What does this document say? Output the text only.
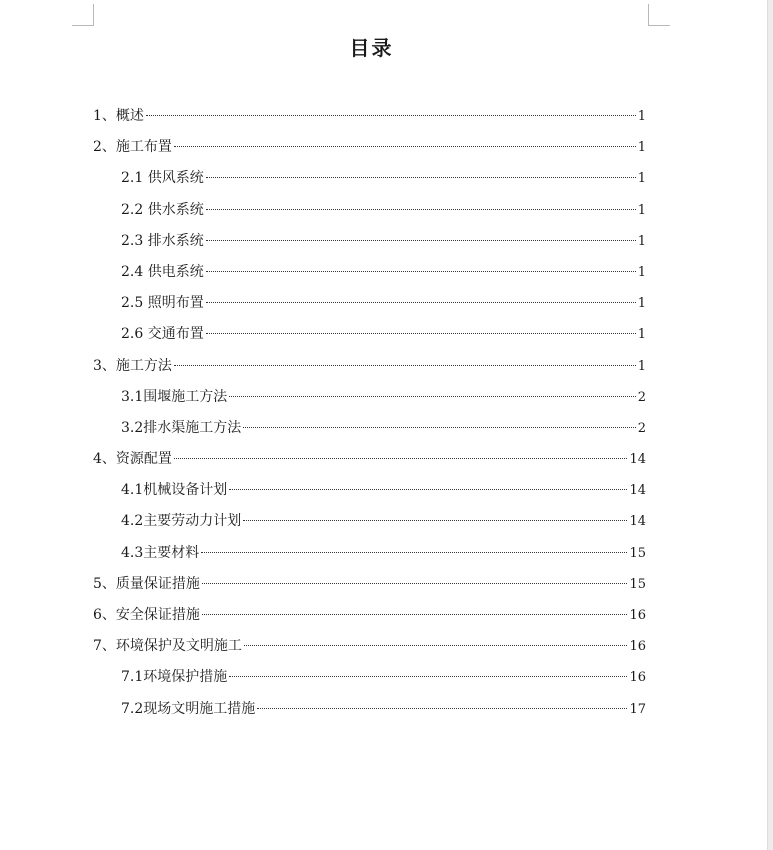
目录
1、概述	1
2、施工布置	1
2.1 供风系统	1
2.2 供水系统	1
2.3 排水系统	1
2.4 供电系统	1
2.5 照明布置	1
2.6 交通布置	1
3、施工方法	1
3.1围堰施工方法	2
3.2排水渠施工方法	2
4、资源配置	14
4.1机械设备计划	14
4.2主要劳动力计划	14
4.3主要材料	15
5、质量保证措施	15
6、安全保证措施	16
7、环境保护及文明施工	16
7.1环境保护措施	16
7.2现场文明施工措施	17
